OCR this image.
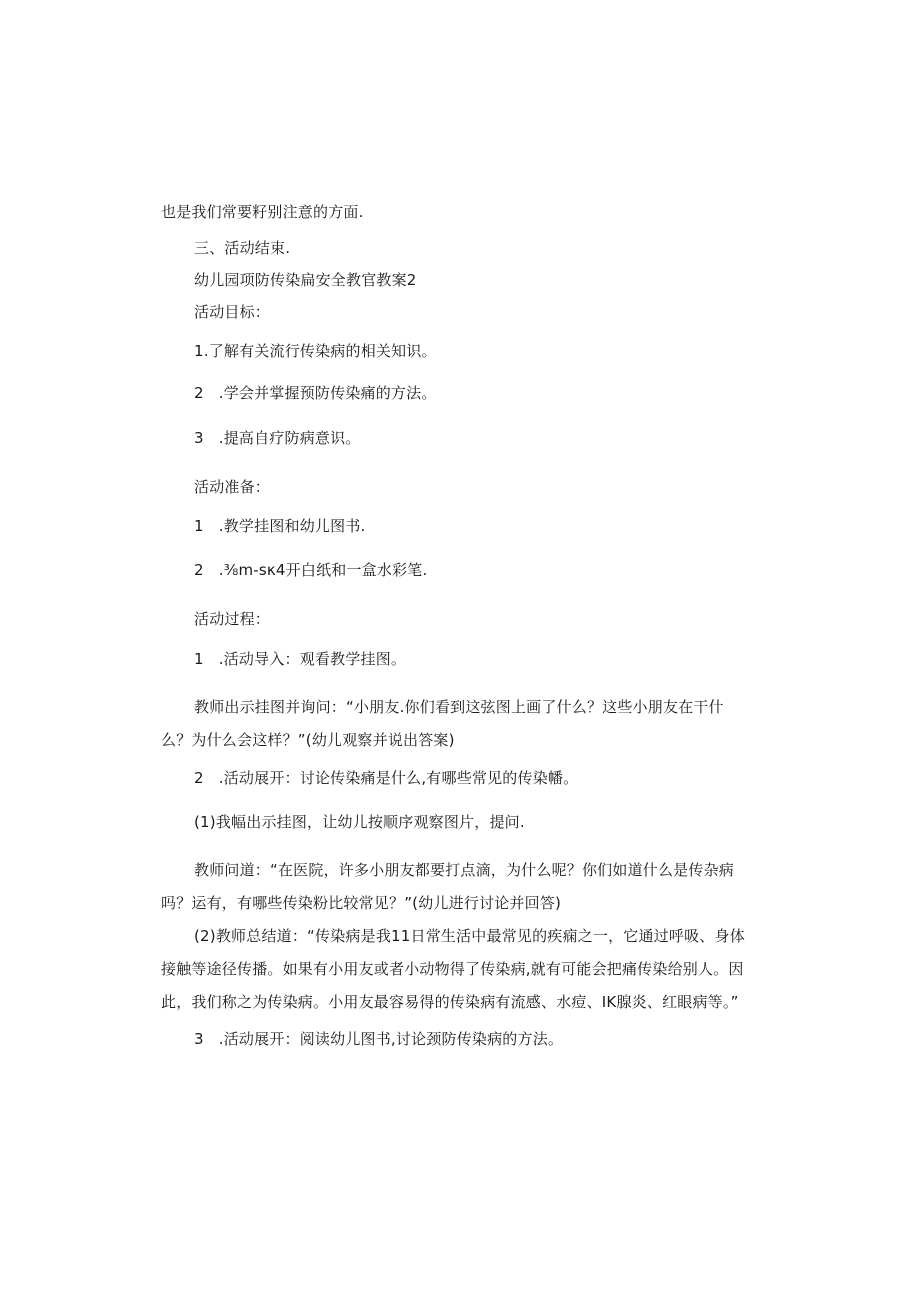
也是我们常要籽别注意的方面.
三、活动结束.
幼儿园项防传染扁安全教官教案2
活动目标：
1.了解有关流行传染病的相关知识。
2 .学会并掌握预防传染痛的方法。
3 .提高自疗防病意识。
活动准备：
1 .教学挂图和幼儿图书.
2 .⅜m-sκ4开白纸和一盒水彩笔.
活动过程：
1 .活动导入：观看教学挂图。
教师出示挂图并询问：“小朋友.你们看到这弦图上画了什么？这些小朋友在干什
么？为什么会这样？”(幼儿观察并说出答案)
2 .活动展开：讨论传染痛是什么,有哪些常见的传染幡。
(1)我幅出示挂图，让幼儿按顺序观察图片，提问.
教师问道：“在医院，许多小朋友都要打点滴，为什么呢？你们如道什么是传杂病
吗？运有，有哪些传染粉比较常见？”(幼儿进行讨论并回答)
(2)教师总结道：“传染病是我11日常生活中最常见的疾痫之一，它通过呼吸、身体
接触等途径传播。如果有小用友或者小动物得了传染病,就有可能会把痛传染给别人。因
此，我们称之为传染病。小用友最容易得的传染病有流感、水痘、IK腺炎、红眼病等。”
3 .活动展开：阅读幼儿图书,讨论颈防传染病的方法。
